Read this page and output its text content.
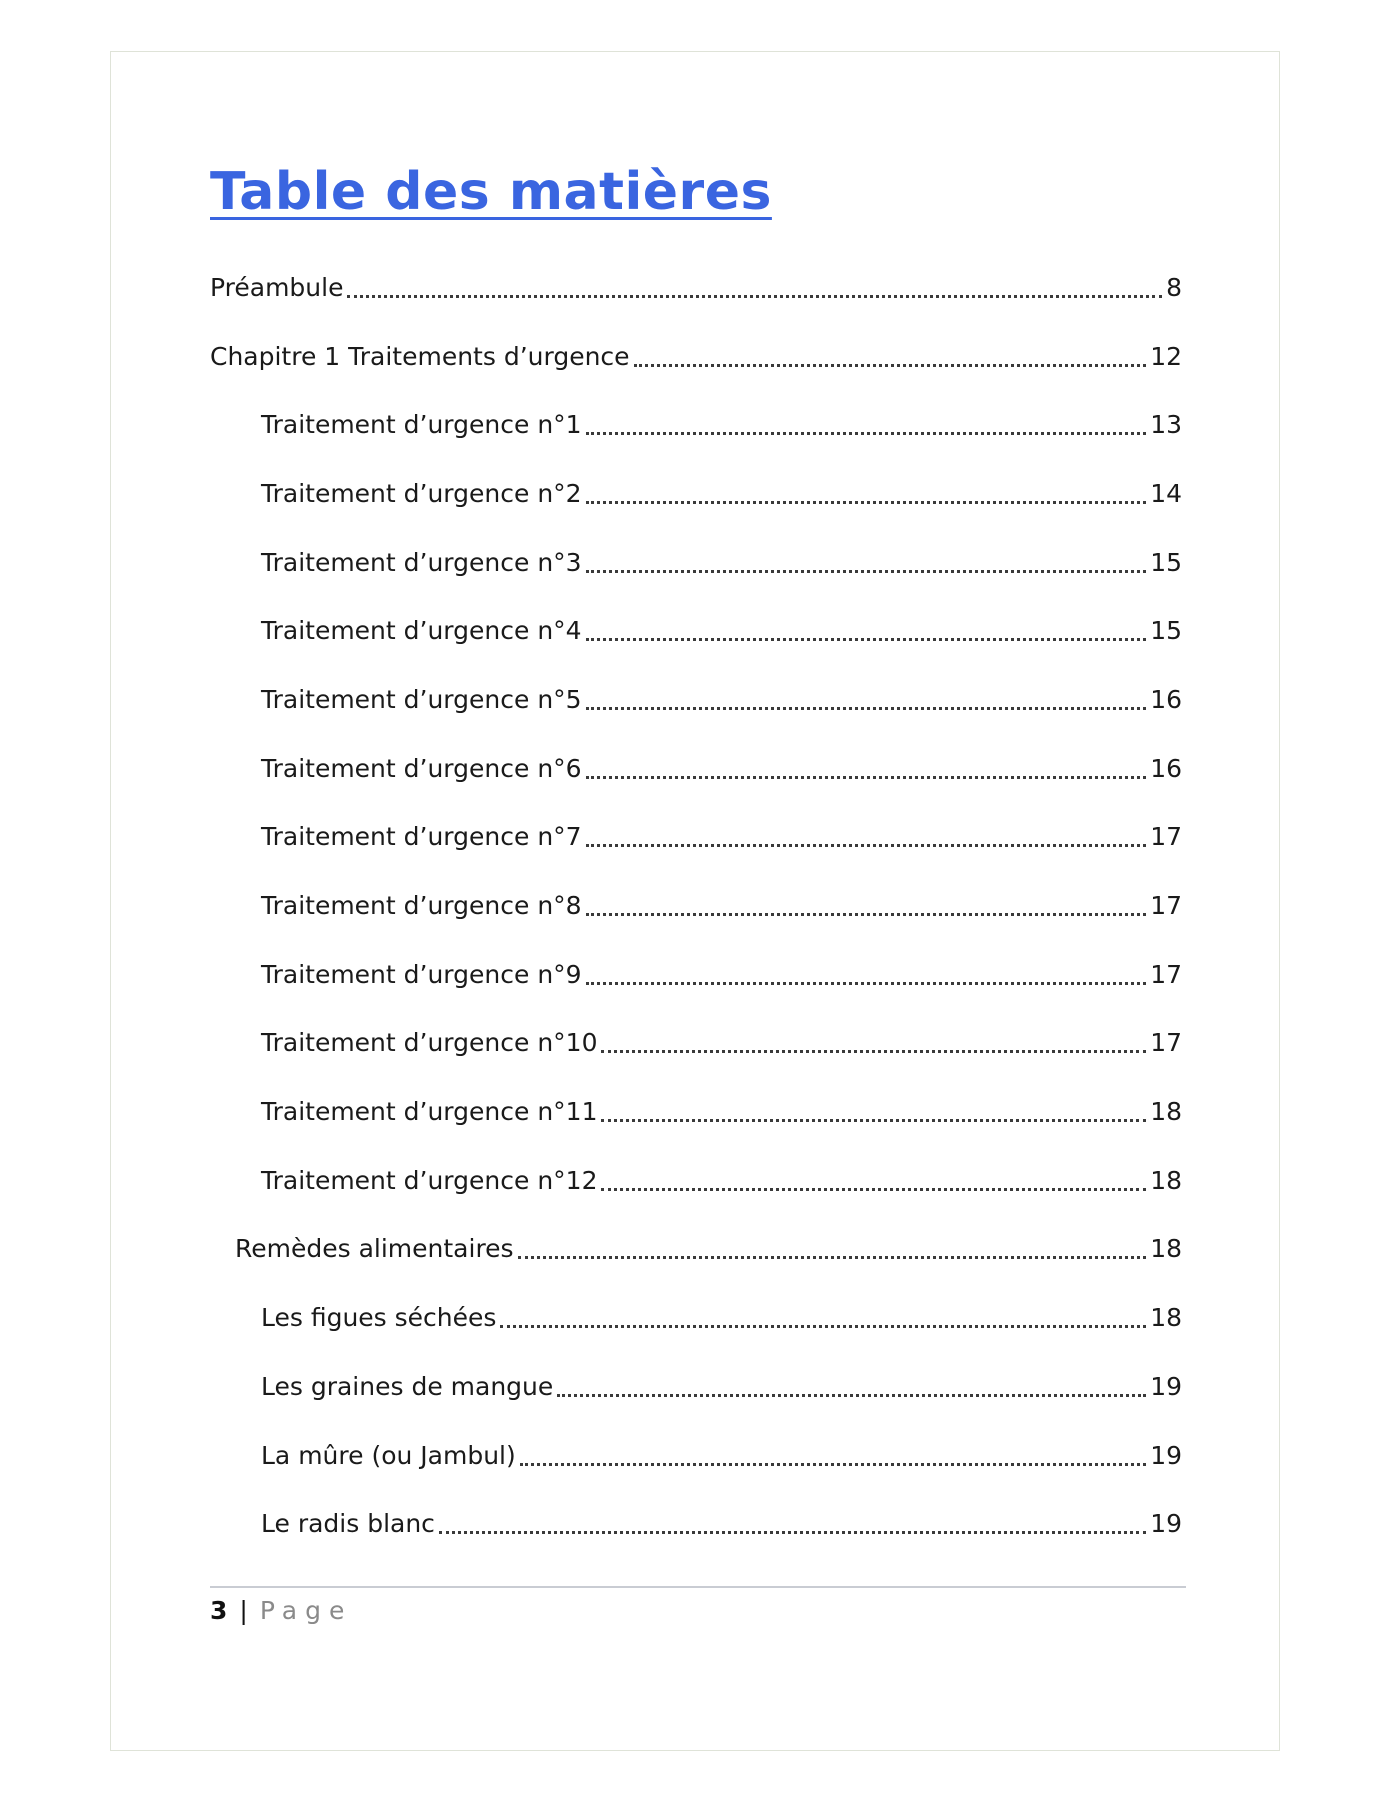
Table des matières
Préambule	8
Chapitre 1 Traitements d’urgence	12
Traitement d’urgence n°1	13
Traitement d’urgence n°2	14
Traitement d’urgence n°3	15
Traitement d’urgence n°4	15
Traitement d’urgence n°5	16
Traitement d’urgence n°6	16
Traitement d’urgence n°7	17
Traitement d’urgence n°8	17
Traitement d’urgence n°9	17
Traitement d’urgence n°10	17
Traitement d’urgence n°11	18
Traitement d’urgence n°12	18
Remèdes alimentaires	18
Les figues séchées	18
Les graines de mangue	19
La mûre (ou Jambul)	19
Le radis blanc	19
3 | Page
